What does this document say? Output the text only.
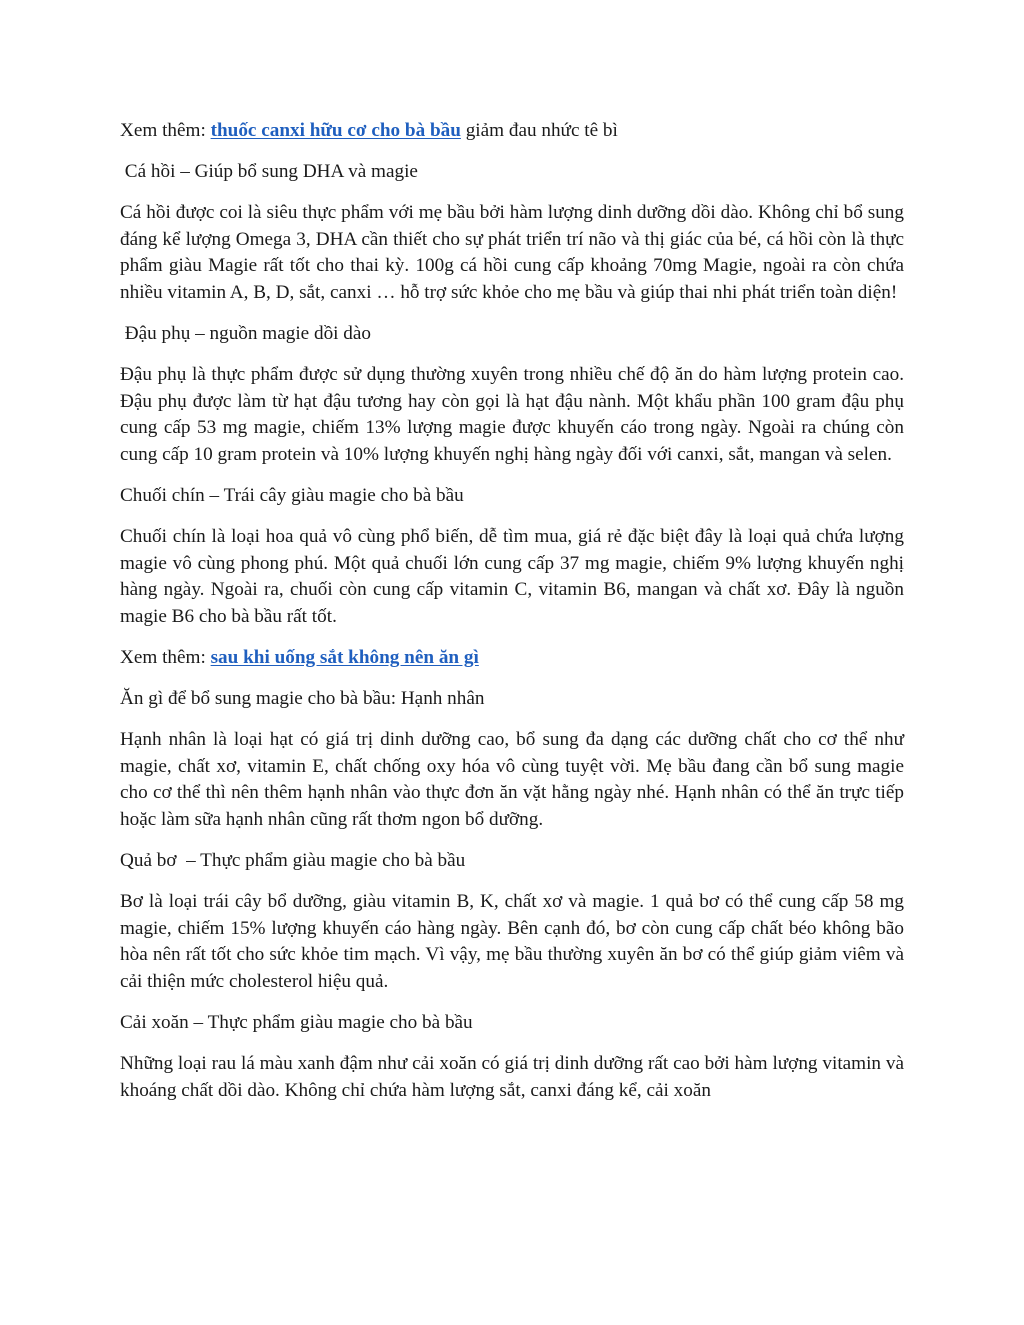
Xem thêm: thuốc canxi hữu cơ cho bà bầu giảm đau nhức tê bì

Cá hồi – Giúp bổ sung DHA và magie

Cá hồi được coi là siêu thực phẩm với mẹ bầu bởi hàm lượng dinh dưỡng dồi dào. Không chỉ bổ sung đáng kể lượng Omega 3, DHA cần thiết cho sự phát triển trí não và thị giác của bé, cá hồi còn là thực phẩm giàu Magie rất tốt cho thai kỳ. 100g cá hồi cung cấp khoảng 70mg Magie, ngoài ra còn chứa nhiều vitamin A, B, D, sắt, canxi … hỗ trợ sức khỏe cho mẹ bầu và giúp thai nhi phát triển toàn diện!

Đậu phụ – nguồn magie dồi dào

Đậu phụ là thực phẩm được sử dụng thường xuyên trong nhiều chế độ ăn do hàm lượng protein cao. Đậu phụ được làm từ hạt đậu tương hay còn gọi là hạt đậu nành. Một khẩu phần 100 gram đậu phụ cung cấp 53 mg magie, chiếm 13% lượng magie được khuyến cáo trong ngày. Ngoài ra chúng còn cung cấp 10 gram protein và 10% lượng khuyến nghị hàng ngày đối với canxi, sắt, mangan và selen.

Chuối chín – Trái cây giàu magie cho bà bầu

Chuối chín là loại hoa quả vô cùng phổ biến, dễ tìm mua, giá rẻ đặc biệt đây là loại quả chứa lượng magie vô cùng phong phú. Một quả chuối lớn cung cấp 37 mg magie, chiếm 9% lượng khuyến nghị hàng ngày. Ngoài ra, chuối còn cung cấp vitamin C, vitamin B6, mangan và chất xơ. Đây là nguồn magie B6 cho bà bầu rất tốt.

Xem thêm: sau khi uống sắt không nên ăn gì

Ăn gì để bổ sung magie cho bà bầu: Hạnh nhân

Hạnh nhân là loại hạt có giá trị dinh dưỡng cao, bổ sung đa dạng các dưỡng chất cho cơ thể như magie, chất xơ, vitamin E, chất chống oxy hóa vô cùng tuyệt vời. Mẹ bầu đang cần bổ sung magie cho cơ thể thì nên thêm hạnh nhân vào thực đơn ăn vặt hằng ngày nhé. Hạnh nhân có thể ăn trực tiếp hoặc làm sữa hạnh nhân cũng rất thơm ngon bổ dưỡng.

Quả bơ  – Thực phẩm giàu magie cho bà bầu

Bơ là loại trái cây bổ dưỡng, giàu vitamin B, K, chất xơ và magie. 1 quả bơ có thể cung cấp 58 mg magie, chiếm 15% lượng khuyến cáo hàng ngày. Bên cạnh đó, bơ còn cung cấp chất béo không bão hòa nên rất tốt cho sức khỏe tim mạch. Vì vậy, mẹ bầu thường xuyên ăn bơ có thể giúp giảm viêm và cải thiện mức cholesterol hiệu quả.

Cải xoăn – Thực phẩm giàu magie cho bà bầu

Những loại rau lá màu xanh đậm như cải xoăn có giá trị dinh dưỡng rất cao bởi hàm lượng vitamin và khoáng chất dồi dào. Không chỉ chứa hàm lượng sắt, canxi đáng kể, cải xoăn
